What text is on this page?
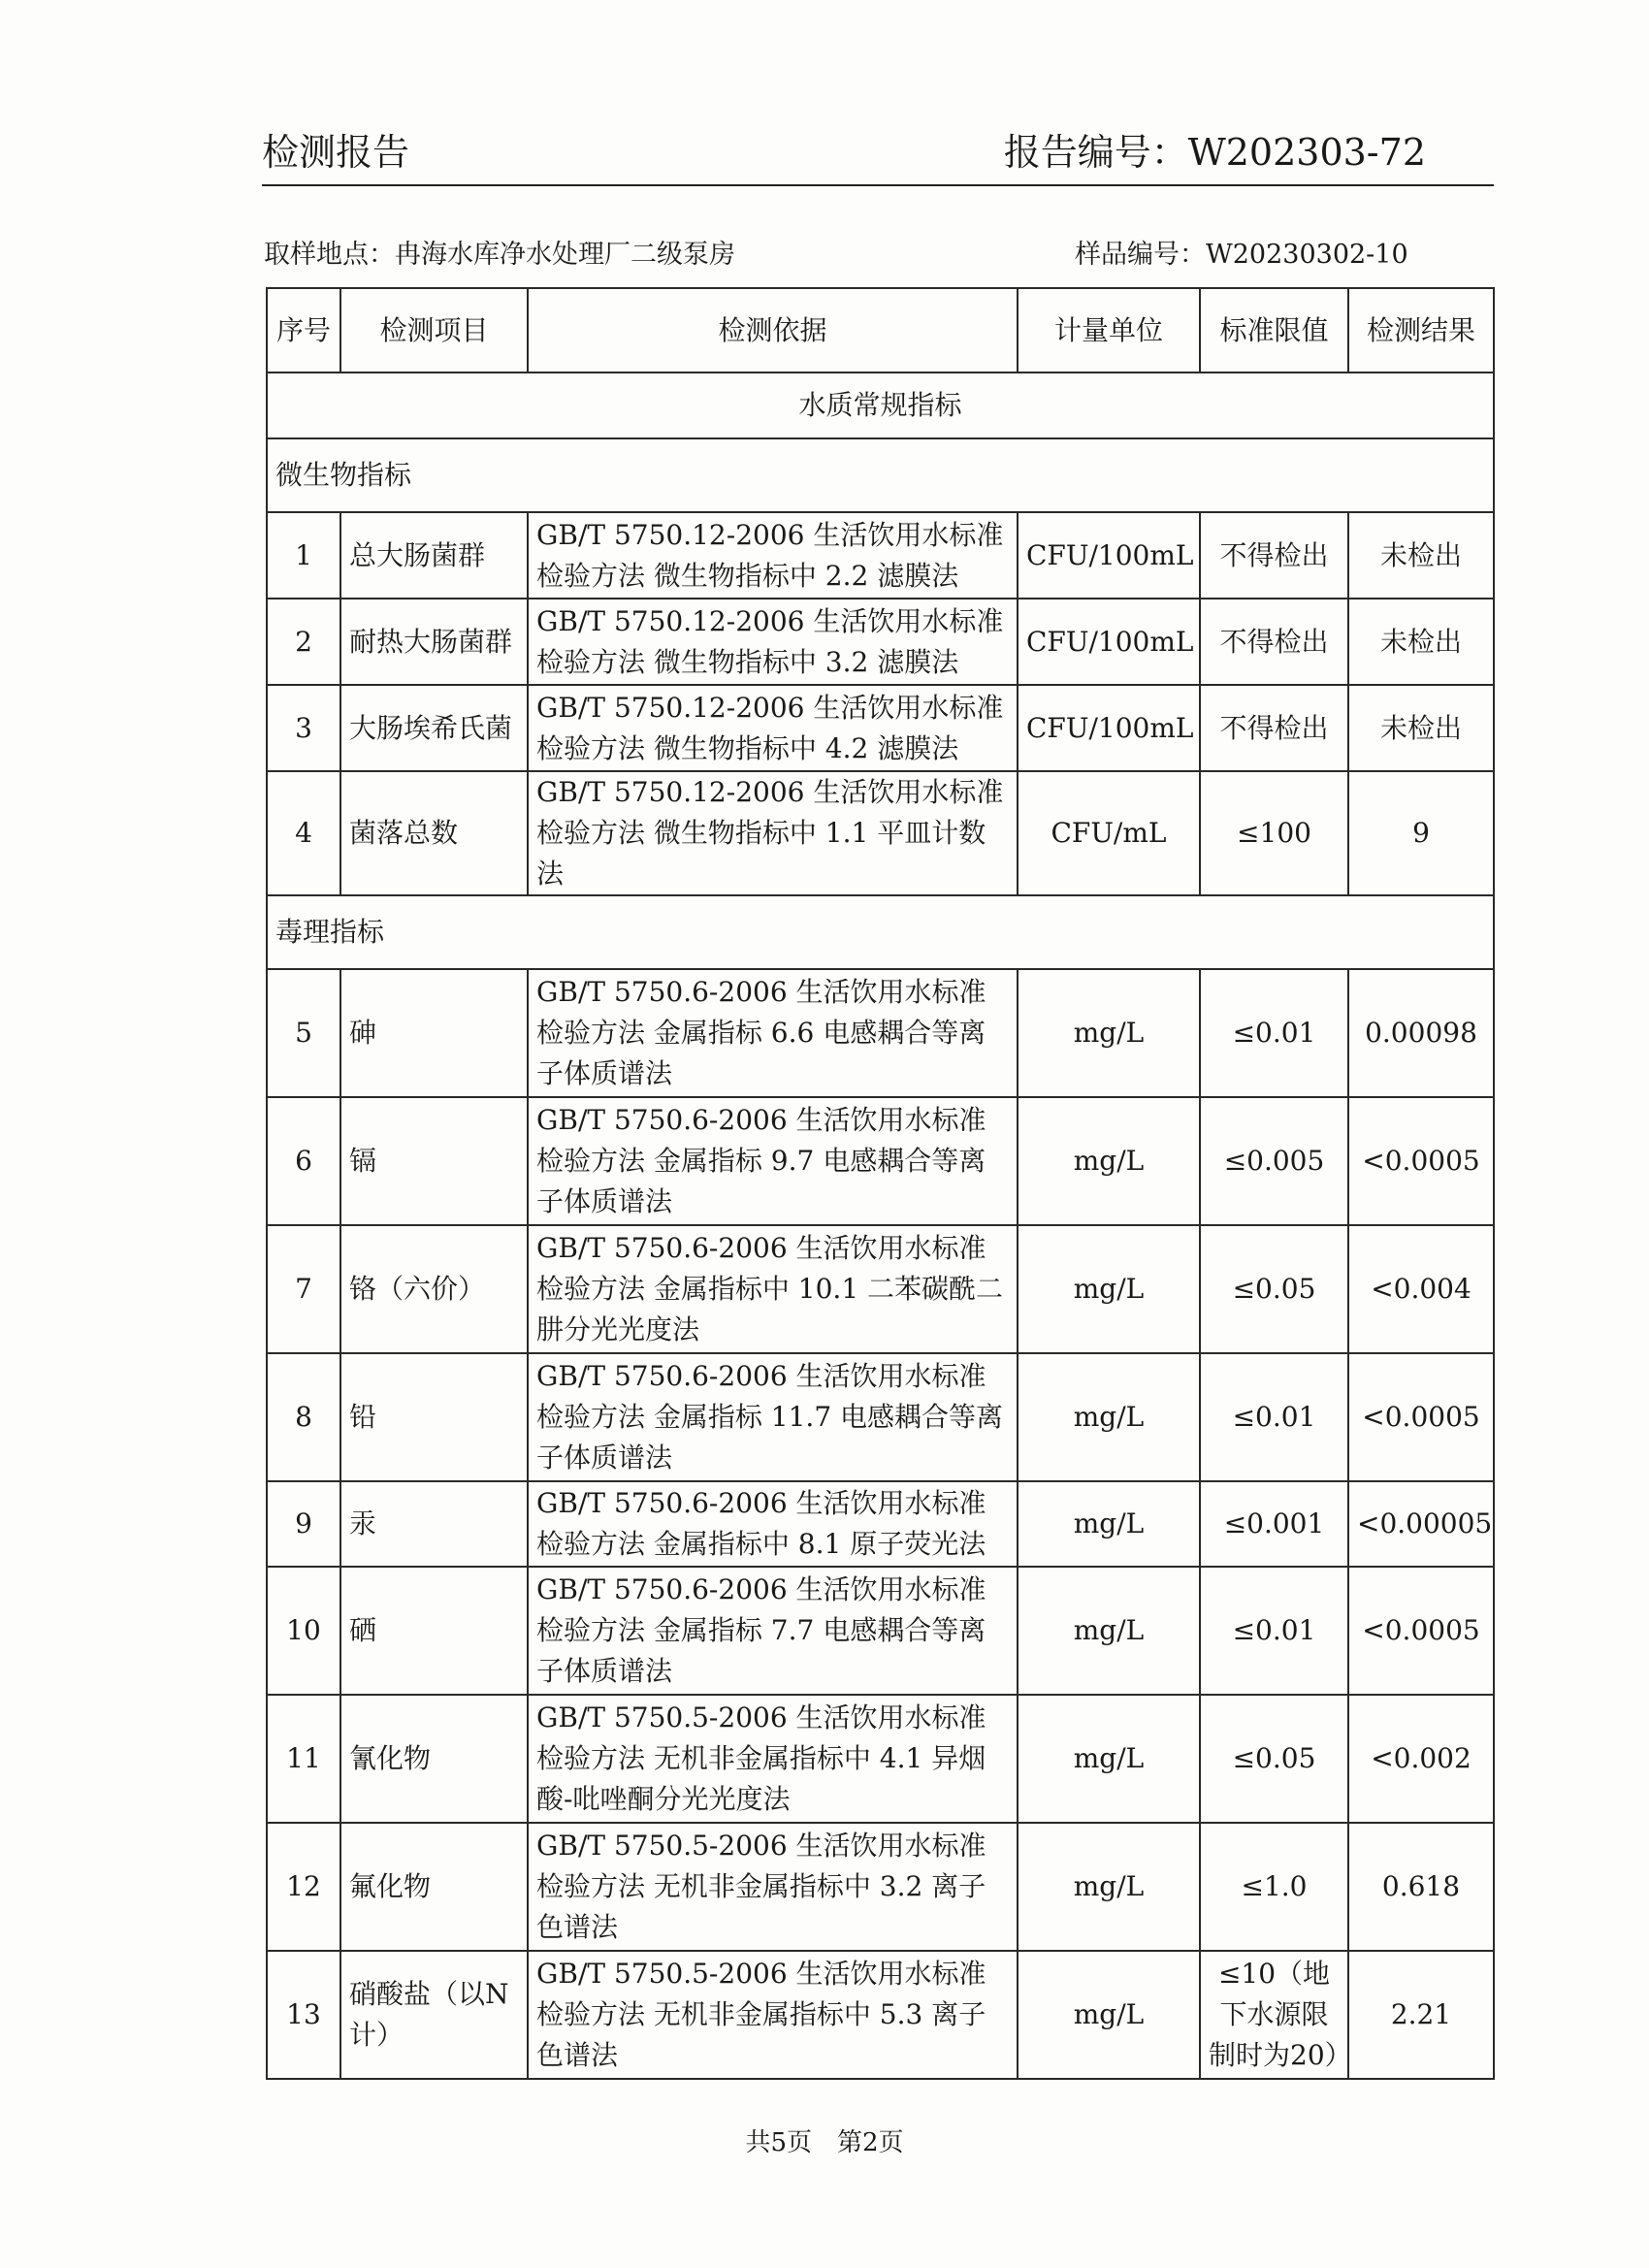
检测报告	报告编号：W202303-72
取样地点：冉海水库净水处理厂二级泵房	样品编号：W20230302-10
序号	检测项目	检测依据	计量单位	标准限值	检测结果
水质常规指标					
微生物指标					
1	总大肠菌群	GB/T 5750.12-2006 生活饮用水标准检验方法 微生物指标中 2.2 滤膜法	CFU/100mL	不得检出	未检出
2	耐热大肠菌群	GB/T 5750.12-2006 生活饮用水标准检验方法 微生物指标中 3.2 滤膜法	CFU/100mL	不得检出	未检出
3	大肠埃希氏菌	GB/T 5750.12-2006 生活饮用水标准检验方法 微生物指标中 4.2 滤膜法	CFU/100mL	不得检出	未检出
4	菌落总数	GB/T 5750.12-2006 生活饮用水标准检验方法 微生物指标中 1.1 平皿计数法	CFU/mL	≤100	9
毒理指标					
5	砷	GB/T 5750.6-2006 生活饮用水标准检验方法 金属指标 6.6 电感耦合等离子体质谱法	mg/L	≤0.01	0.00098
6	镉	GB/T 5750.6-2006 生活饮用水标准检验方法 金属指标 9.7 电感耦合等离子体质谱法	mg/L	≤0.005	<0.0005
7	铬（六价）	GB/T 5750.6-2006 生活饮用水标准检验方法 金属指标中 10.1 二苯碳酰二肼分光光度法	mg/L	≤0.05	<0.004
8	铅	GB/T 5750.6-2006 生活饮用水标准检验方法 金属指标 11.7 电感耦合等离子体质谱法	mg/L	≤0.01	<0.0005
9	汞	GB/T 5750.6-2006 生活饮用水标准检验方法 金属指标中 8.1 原子荧光法	mg/L	≤0.001	<0.00005
10	硒	GB/T 5750.6-2006 生活饮用水标准检验方法 金属指标 7.7 电感耦合等离子体质谱法	mg/L	≤0.01	<0.0005
11	氰化物	GB/T 5750.5-2006 生活饮用水标准检验方法 无机非金属指标中 4.1 异烟酸-吡唑酮分光光度法	mg/L	≤0.05	<0.002
12	氟化物	GB/T 5750.5-2006 生活饮用水标准检验方法 无机非金属指标中 3.2 离子色谱法	mg/L	≤1.0	0.618
13	硝酸盐（以N计）	GB/T 5750.5-2006 生活饮用水标准检验方法 无机非金属指标中 5.3 离子色谱法	mg/L	≤10（地下水源限制时为20）	2.21
共5页　第2页
